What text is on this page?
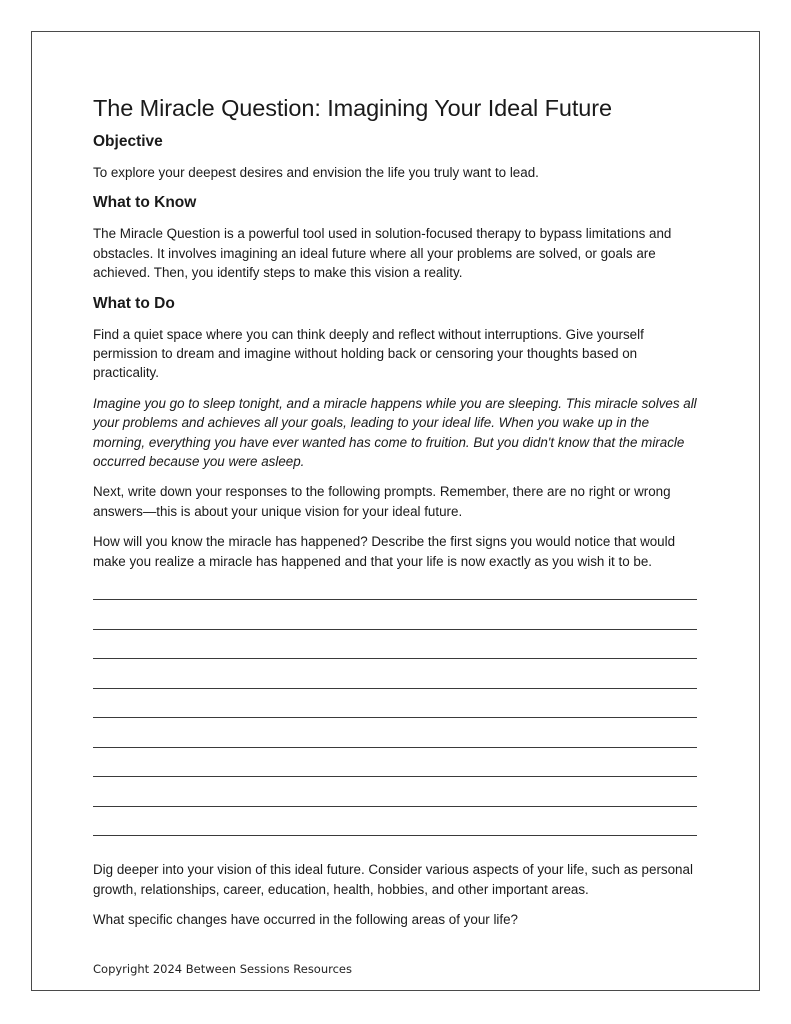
The Miracle Question: Imagining Your Ideal Future
Objective

To explore your deepest desires and envision the life you truly want to lead.

What to Know

The Miracle Question is a powerful tool used in solution-focused therapy to bypass limitations and obstacles. It involves imagining an ideal future where all your problems are solved, or goals are achieved. Then, you identify steps to make this vision a reality.

What to Do

Find a quiet space where you can think deeply and reflect without interruptions. Give yourself permission to dream and imagine without holding back or censoring your thoughts based on practicality.

Imagine you go to sleep tonight, and a miracle happens while you are sleeping. This miracle solves all your problems and achieves all your goals, leading to your ideal life. When you wake up in the morning, everything you have ever wanted has come to fruition. But you didn't know that the miracle occurred because you were asleep.

Next, write down your responses to the following prompts. Remember, there are no right or wrong answers—this is about your unique vision for your ideal future.

How will you know the miracle has happened? Describe the first signs you would notice that would make you realize a miracle has happened and that your life is now exactly as you wish it to be.

Dig deeper into your vision of this ideal future. Consider various aspects of your life, such as personal growth, relationships, career, education, health, hobbies, and other important areas.

What specific changes have occurred in the following areas of your life?

Copyright 2024 Between Sessions Resources
